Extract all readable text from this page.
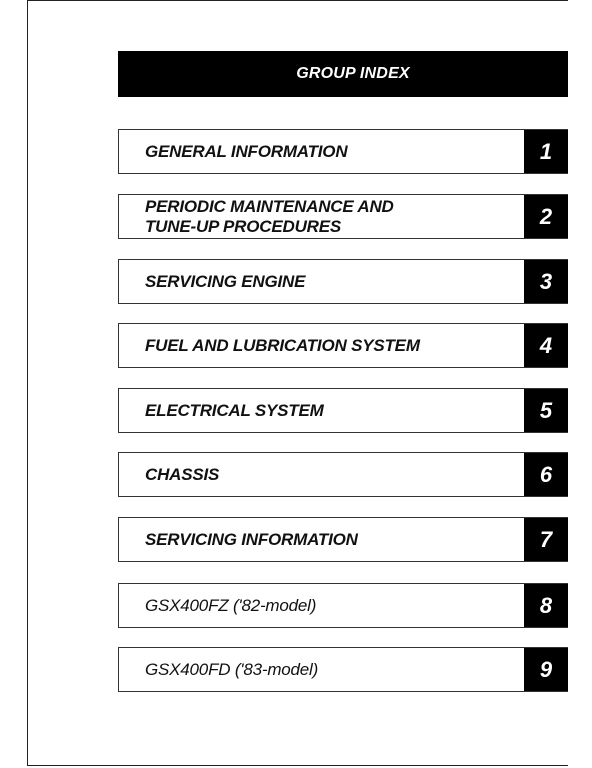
GROUP INDEX
GENERAL INFORMATION	1
PERIODIC MAINTENANCE AND
TUNE-UP PROCEDURES	2
SERVICING ENGINE	3
FUEL AND LUBRICATION SYSTEM	4
ELECTRICAL SYSTEM	5
CHASSIS	6
SERVICING INFORMATION	7
GSX400FZ ('82-model)	8
GSX400FD ('83-model)	9
